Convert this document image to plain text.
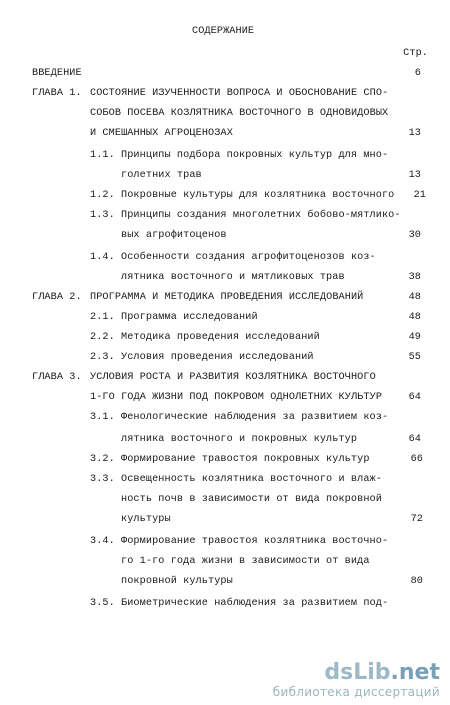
СОДЕРЖАНИЕ
Стр.
ВВЕДЕНИЕ	6
ГЛАВА 1. СОСТОЯНИЕ ИЗУЧЕННОСТИ ВОПРОСА И ОБОСНОВАНИЕ СПО-
СОБОВ ПОСЕВА КОЗЛЯТНИКА ВОСТОЧНОГО В ОДНОВИДОВЫХ
И СМЕШАННЫХ АГРОЦЕНОЗАХ	13
1.1. Принципы подбора покровных культур для мно-
голетних трав	13
1.2. Покровные культуры для козлятника восточного	21
1.3. Принципы создания многолетних бобово-мятлико-
вых агрофитоценов	30
1.4. Особенности создания агрофитоценозов коз-
лятника восточного и мятликовых трав	38
ГЛАВА 2. ПРОГРАММА И МЕТОДИКА ПРОВЕДЕНИЯ ИССЛЕДОВАНИЙ	48
2.1. Программа исследований	48
2.2. Методика проведения исследований	49
2.3. Условия проведения исследований	55
ГЛАВА 3. УСЛОВИЯ РОСТА И РАЗВИТИЯ КОЗЛЯТНИКА ВОСТОЧНОГО
1-ГО ГОДА ЖИЗНИ ПОД ПОКРОВОМ ОДНОЛЕТНИХ КУЛЬТУР	64
3.1. Фенологические наблюдения за развитием коз-
лятника восточного и покровных культур	64
3.2. Формирование травостоя покровных культур	66
3.3. Освещенность козлятника восточного и влаж-
ность почв в зависимости от вида покровной
культуры	72
3.4. Формирование травостоя козлятника восточно-
го 1-го года жизни в зависимости от вида
покровной культуры	80
3.5. Биометрические наблюдения за развитием под-
dsLib.net
библиотека диссертаций
